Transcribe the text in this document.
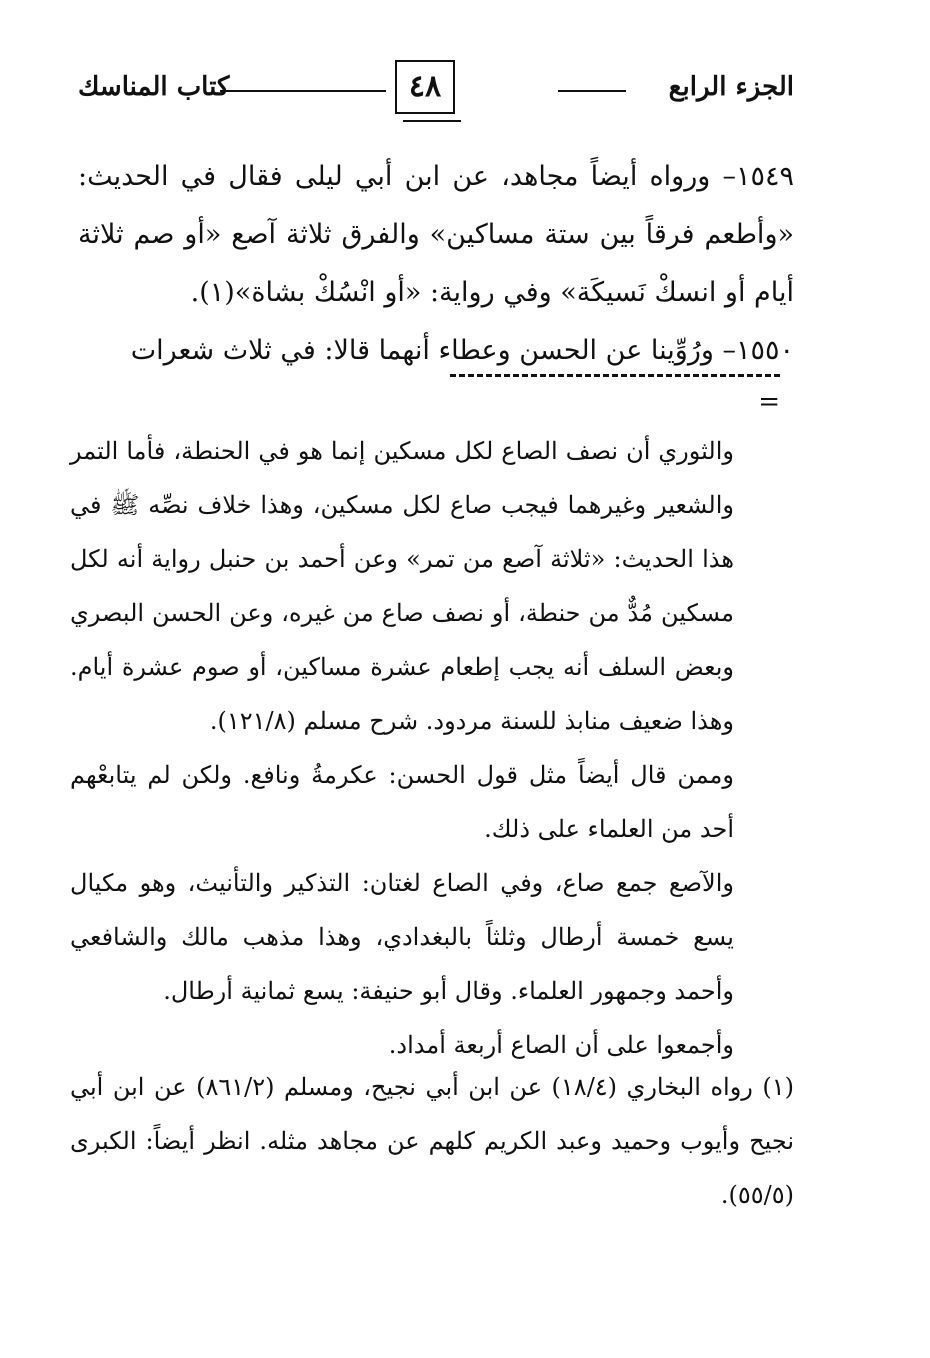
الجزء الرابع
٤٨
كتاب المناسك

١٥٤٩– ورواه أيضاً مجاهد، عن ابن أبي ليلى فقال في الحديث: «وأطعم فرقاً بين ستة مساكين» والفرق ثلاثة آصع «أو صم ثلاثة أيام أو انسكْ نَسيكَة» وفي رواية: «أو انْسُكْ بشاة»(١).

١٥٥٠– ورُوِّينا عن الحسن وعطاء أنهما قالا: في ثلاث شعرات

=

والثوري أن نصف الصاع لكل مسكين إنما هو في الحنطة، فأما التمر والشعير وغيرهما فيجب صاع لكل مسكين، وهذا خلاف نصِّه ﷺ في هذا الحديث: «ثلاثة آصع من تمر» وعن أحمد بن حنبل رواية أنه لكل مسكين مُدٌّ من حنطة، أو نصف صاع من غيره، وعن الحسن البصري وبعض السلف أنه يجب إطعام عشرة مساكين، أو صوم عشرة أيام. وهذا ضعيف منابذ للسنة مردود. شرح مسلم (١٢١/٨).

وممن قال أيضاً مثل قول الحسن: عكرمةُ ونافع. ولكن لم يتابعْهم أحد من العلماء على ذلك.

والآصع جمع صاع، وفي الصاع لغتان: التذكير والتأنيث، وهو مكيال يسع خمسة أرطال وثلثاً بالبغدادي، وهذا مذهب مالك والشافعي وأحمد وجمهور العلماء. وقال أبو حنيفة: يسع ثمانية أرطال.

وأجمعوا على أن الصاع أربعة أمداد.

(١) رواه البخاري (١٨/٤) عن ابن أبي نجيح، ومسلم (٨٦١/٢) عن ابن أبي نجيح وأيوب وحميد وعبد الكريم كلهم عن مجاهد مثله. انظر أيضاً: الكبرى (٥٥/٥).
